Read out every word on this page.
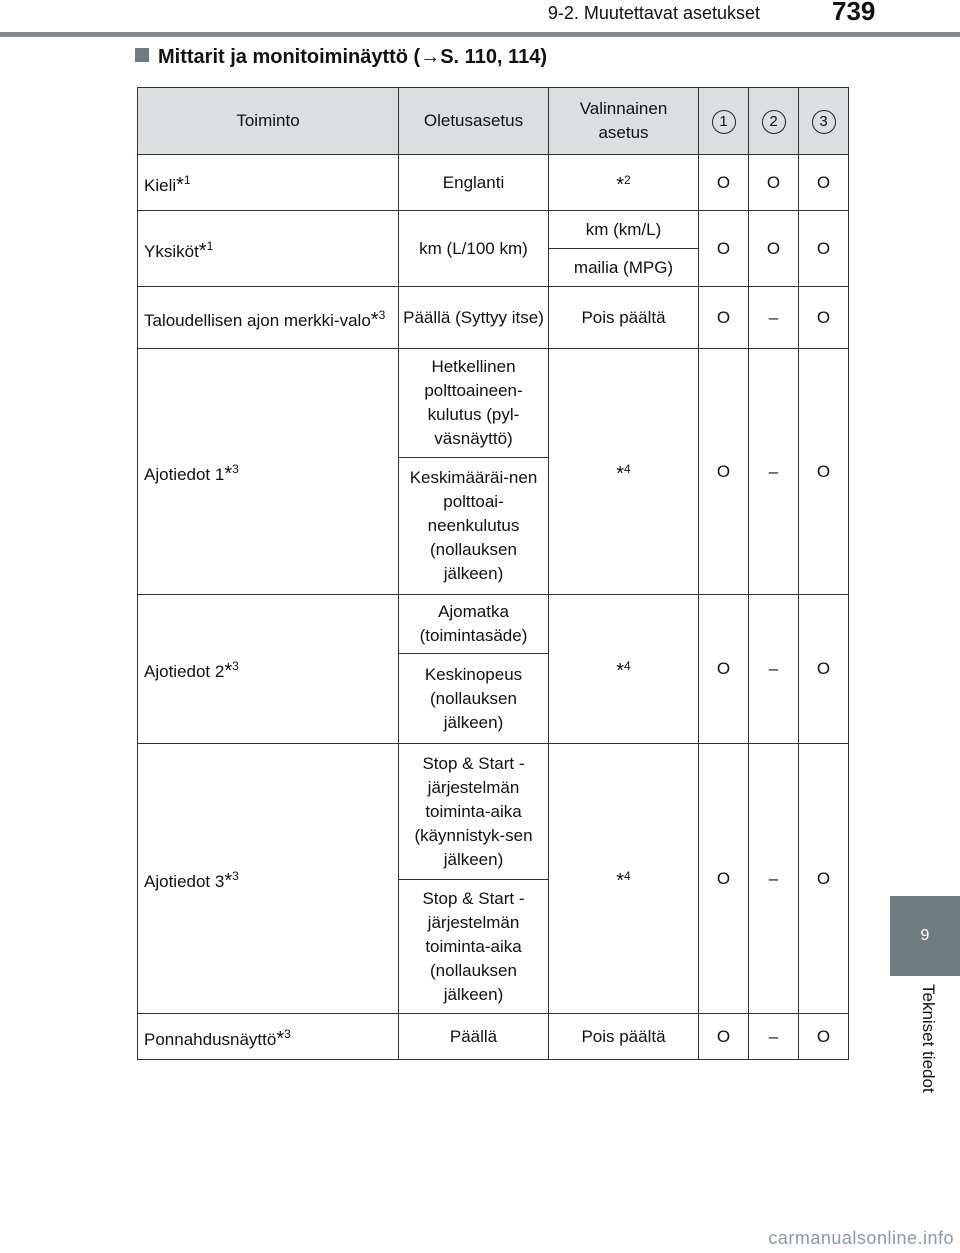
9-2. Muutettavat asetukset	739
Mittarit ja monitoiminäyttö (→S. 110, 114)
Toiminto	Oletusasetus	Valinnainen asetus	1	2	3
Kieli*$^1$	Englanti	*$^2$	O	O	O
Yksiköt*$^1$	km (L/100 km)	km (km/L)	O	O	O
		mailia (MPG)			
Taloudellisen ajon merkki-valo*$^3$	Päällä (Syttyy itse)	Pois päältä	O	–	O
Ajotiedot 1*$^3$	Hetkellinen polttoaineen-kulutus (pyl-väsnäyttö)	*$^4$	O	–	O
	Keskimääräi-nen polttoai-neenkulutus (nollauksen jälkeen)				
Ajotiedot 2*$^3$	Ajomatka (toimintasäde)	*$^4$	O	–	O
	Keskinopeus (nollauksen jälkeen)				
Ajotiedot 3*$^3$	Stop & Start -järjestelmän toiminta-aika (käynnistyk-sen jälkeen)	*$^4$	O	–	O
	Stop & Start -järjestelmän toiminta-aika (nollauksen jälkeen)				
Ponnahdusnäyttö*$^3$	Päällä	Pois päältä	O	–	O
9
Tekniset tiedot
carmanualsonline.info
